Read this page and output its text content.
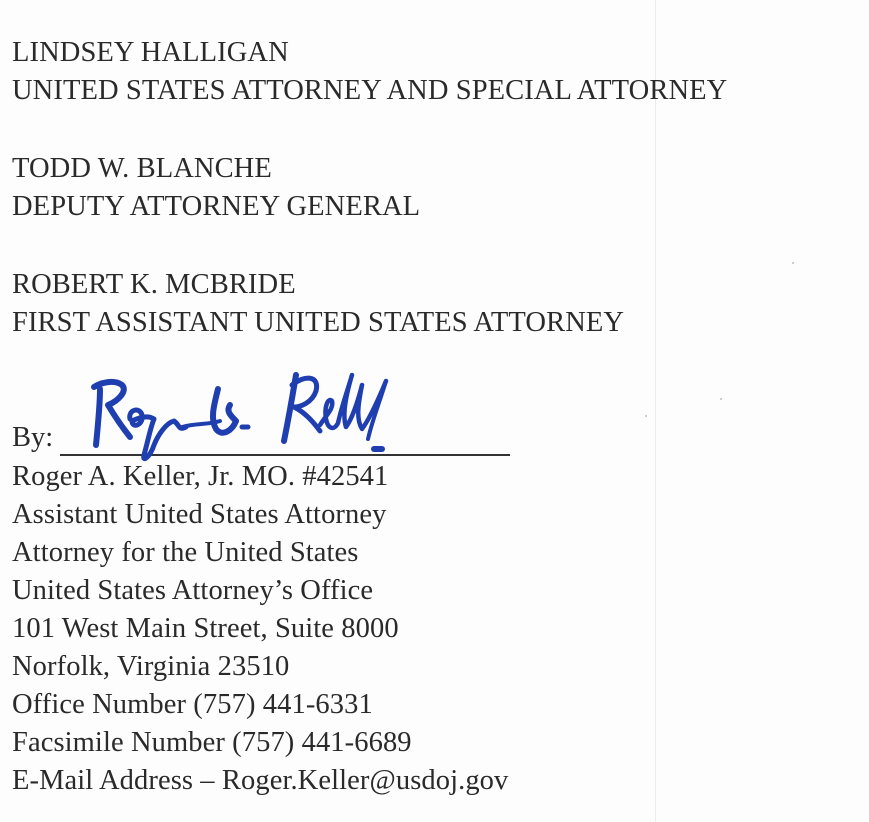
LINDSEY HALLIGAN
UNITED STATES ATTORNEY AND SPECIAL ATTORNEY
TODD W. BLANCHE
DEPUTY ATTORNEY GENERAL
ROBERT K. MCBRIDE
FIRST ASSISTANT UNITED STATES ATTORNEY
By:
Roger A. Keller, Jr. MO. #42541
Assistant United States Attorney
Attorney for the United States
United States Attorney’s Office
101 West Main Street, Suite 8000
Norfolk, Virginia 23510
Office Number (757) 441-6331
Facsimile Number (757) 441-6689
E-Mail Address – Roger.Keller@usdoj.gov
